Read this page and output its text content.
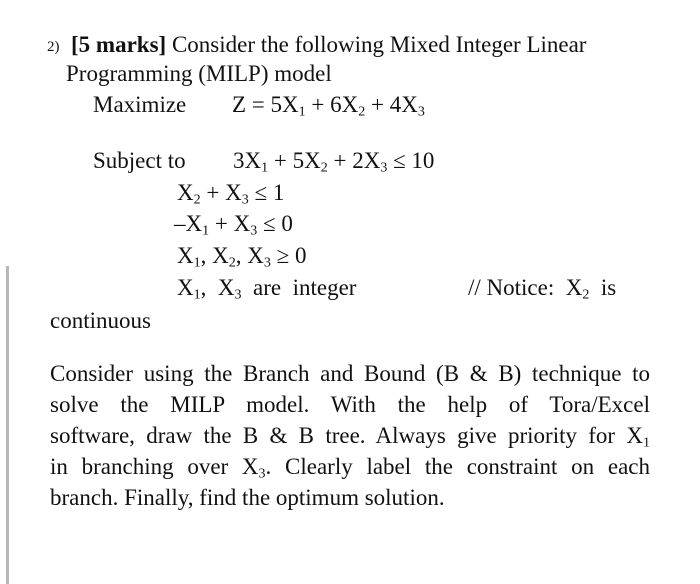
2) [5 marks] Consider the following Mixed Integer Linear
Programming (MILP) model
Maximize $Z = 5X_1 + 6X_2 + 4X_3$
Subject to $3X_1 + 5X_2 + 2X_3 \le 10$
$X_2 + X_3 \le 1$
$-X_1 + X_3 \le 0$
$X_1$, $X_2$, $X_3 \ge 0$
$X_1$,  $X_3$  are  integer	// Notice:  $X_2$  is
continuous
Consider using the Branch and Bound (B & B) technique to
solve the MILP model. With the help of Tora/Excel
software, draw the B & B tree. Always give priority for $X_1$
in branching over $X_3$. Clearly label the constraint on each
branch. Finally, find the optimum solution.
